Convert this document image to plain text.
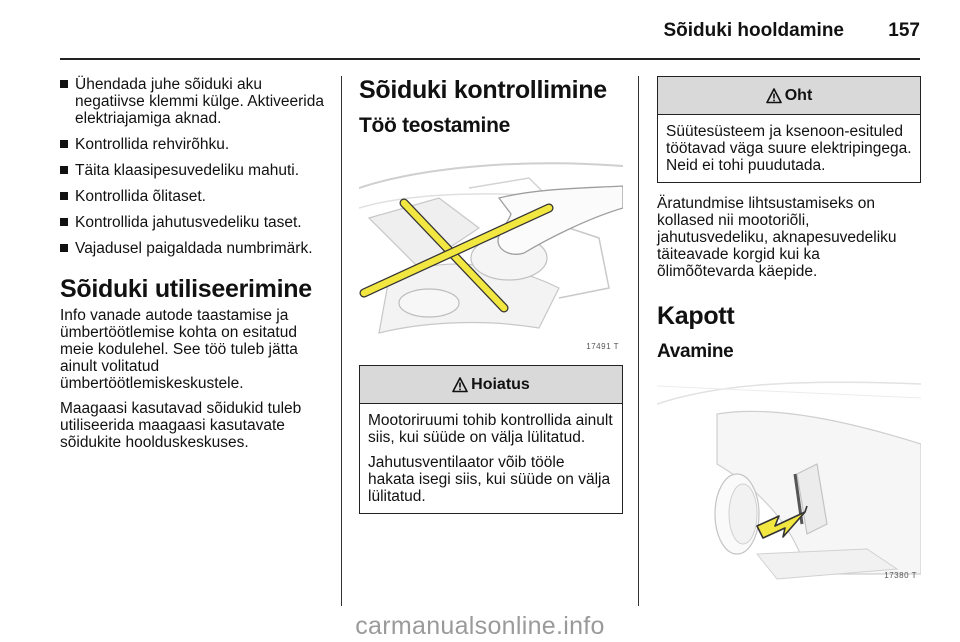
Sõiduki hooldamine 157
Ühendada juhe sõiduki aku negatiivse klemmi külge. Aktiveerida elektriajamiga aknad.
Kontrollida rehvirõhku.
Täita klaasipesuvedeliku mahuti.
Kontrollida õlitaset.
Kontrollida jahutusvedeliku taset.
Vajadusel paigaldada numbrimärk.
Sõiduki utiliseerimine

Info vanade autode taastamise ja ümbertöötlemise kohta on esitatud meie kodulehel. See töö tuleb jätta ainult volitatud ümbertöötlemiskeskustele.

Maagaasi kasutavad sõidukid tuleb utiliseerida maagaasi kasutavate sõidukite hoolduskeskuses.

Sõiduki kontrollimine
Töö teostamine
17491 T
Hoiatus

Mootoriruumi tohib kontrollida ainult siis, kui süüde on välja lülitatud.

Jahutusventilaator võib tööle hakata isegi siis, kui süüde on välja lülitatud.

Oht

Süütesüsteem ja ksenoon-esituled töötavad väga suure elektripingega. Neid ei tohi puudutada.

Äratundmise lihtsustamiseks on kollased nii mootoriõli, jahutusvedeliku, aknapesuvedeliku täiteavade korgid kui ka õlimõõtevarda käepide.

Kapott
Avamine
17380 T
carmanualsonline.info
